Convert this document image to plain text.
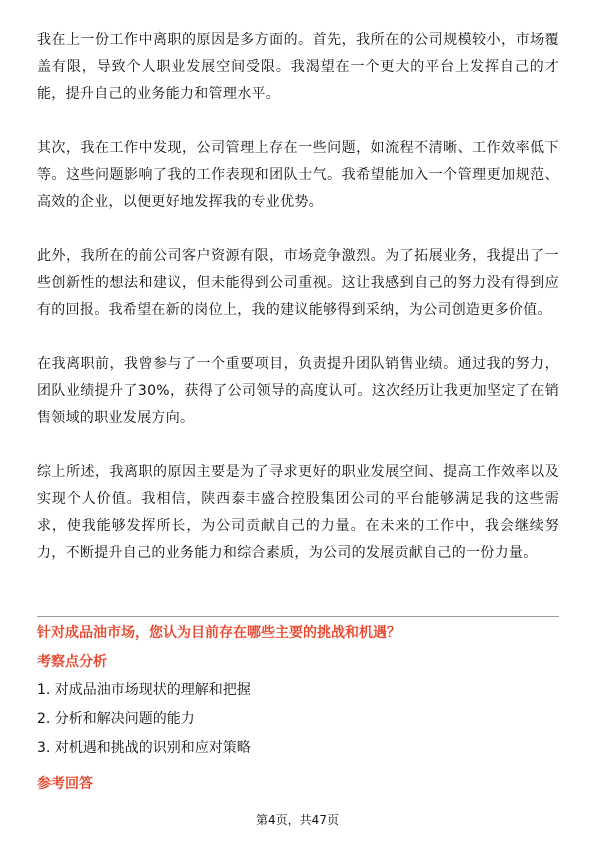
我在上一份工作中离职的原因是多方面的。首先，我所在的公司规模较小，市场覆盖有限，导致个人职业发展空间受限。我渴望在一个更大的平台上发挥自己的才能，提升自己的业务能力和管理水平。

其次，我在工作中发现，公司管理上存在一些问题，如流程不清晰、工作效率低下等。这些问题影响了我的工作表现和团队士气。我希望能加入一个管理更加规范、高效的企业，以便更好地发挥我的专业优势。

此外，我所在的前公司客户资源有限，市场竞争激烈。为了拓展业务，我提出了一些创新性的想法和建议，但未能得到公司重视。这让我感到自己的努力没有得到应有的回报。我希望在新的岗位上，我的建议能够得到采纳，为公司创造更多价值。

在我离职前，我曾参与了一个重要项目，负责提升团队销售业绩。通过我的努力，团队业绩提升了30%，获得了公司领导的高度认可。这次经历让我更加坚定了在销售领域的职业发展方向。

综上所述，我离职的原因主要是为了寻求更好的职业发展空间、提高工作效率以及实现个人价值。我相信，陕西泰丰盛合控股集团公司的平台能够满足我的这些需求，使我能够发挥所长，为公司贡献自己的力量。在未来的工作中，我会继续努力，不断提升自己的业务能力和综合素质，为公司的发展贡献自己的一份力量。

针对成品油市场，您认为目前存在哪些主要的挑战和机遇？
考察点分析
1. 对成品油市场现状的理解和把握
2. 分析和解决问题的能力
3. 对机遇和挑战的识别和应对策略
参考回答
第4页，共47页
